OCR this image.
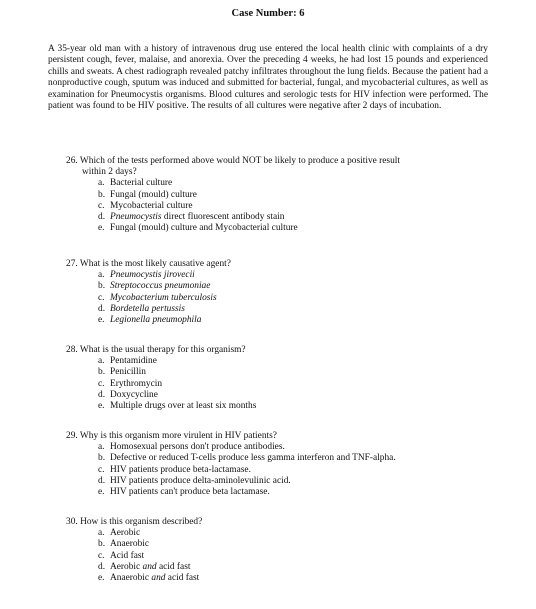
Case Number: 6

A 35-year old man with a history of intravenous drug use entered the local health clinic with complaints of a dry persistent cough, fever, malaise, and anorexia. Over the preceding 4 weeks, he had lost 15 pounds and experienced chills and sweats. A chest radiograph revealed patchy infiltrates throughout the lung fields. Because the patient had a nonproductive cough, sputum was induced and submitted for bacterial, fungal, and mycobacterial cultures, as well as examination for Pneumocystis organisms. Blood cultures and serologic tests for HIV infection were performed. The patient was found to be HIV positive. The results of all cultures were negative after 2 days of incubation.

26. Which of the tests performed above would NOT be likely to produce a positive result
within 2 days?

a. Bacterial culture
b. Fungal (mould) culture
c. Mycobacterial culture
d. Pneumocystis direct fluorescent antibody stain
e. Fungal (mould) culture and Mycobacterial culture

27. What is the most likely causative agent?

a. Pneumocystis jirovecii
b. Streptococcus pneumoniae
c. Mycobacterium tuberculosis
d. Bordetella pertussis
e. Legionella pneumophila

28. What is the usual therapy for this organism?

a. Pentamidine
b. Penicillin
c. Erythromycin
d. Doxycycline
e. Multiple drugs over at least six months

29. Why is this organism more virulent in HIV patients?

a. Homosexual persons don't produce antibodies.
b. Defective or reduced T-cells produce less gamma interferon and TNF-alpha.
c. HIV patients produce beta-lactamase.
d. HIV patients produce delta-aminolevulinic acid.
e. HIV patients can't produce beta lactamase.

30. How is this organism described?

a. Aerobic
b. Anaerobic
c. Acid fast
d. Aerobic and acid fast
e. Anaerobic and acid fast
